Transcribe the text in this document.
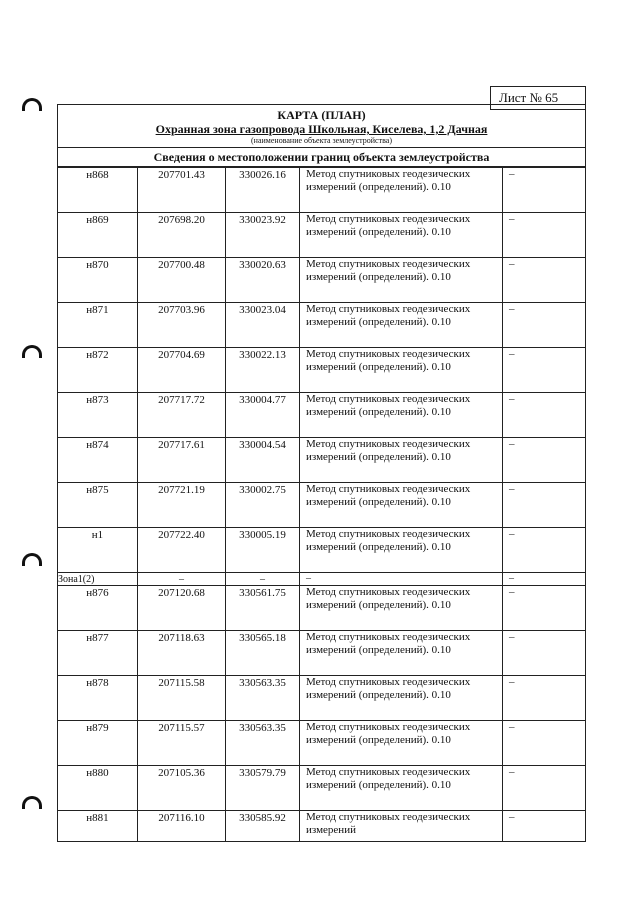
Лист № 65
КАРТА (ПЛАН)
Охранная зона газопровода Школьная, Киселева, 1,2 Дачная
(наименование объекта землеустройства)
Сведения о местоположении границ объекта землеустройства
н868	207701.43	330026.16	Метод спутниковых геодезических измерений (определений). 0.10	–
н869	207698.20	330023.92	Метод спутниковых геодезических измерений (определений). 0.10	–
н870	207700.48	330020.63	Метод спутниковых геодезических измерений (определений). 0.10	–
н871	207703.96	330023.04	Метод спутниковых геодезических измерений (определений). 0.10	–
н872	207704.69	330022.13	Метод спутниковых геодезических измерений (определений). 0.10	–
н873	207717.72	330004.77	Метод спутниковых геодезических измерений (определений). 0.10	–
н874	207717.61	330004.54	Метод спутниковых геодезических измерений (определений). 0.10	–
н875	207721.19	330002.75	Метод спутниковых геодезических измерений (определений). 0.10	–
н1	207722.40	330005.19	Метод спутниковых геодезических измерений (определений). 0.10	–
Зона1(2)	–	–	–	–
н876	207120.68	330561.75	Метод спутниковых геодезических измерений (определений). 0.10	–
н877	207118.63	330565.18	Метод спутниковых геодезических измерений (определений). 0.10	–
н878	207115.58	330563.35	Метод спутниковых геодезических измерений (определений). 0.10	–
н879	207115.57	330563.35	Метод спутниковых геодезических измерений (определений). 0.10	–
н880	207105.36	330579.79	Метод спутниковых геодезических измерений (определений). 0.10	–
н881	207116.10	330585.92	Метод спутниковых геодезических измерений	–
